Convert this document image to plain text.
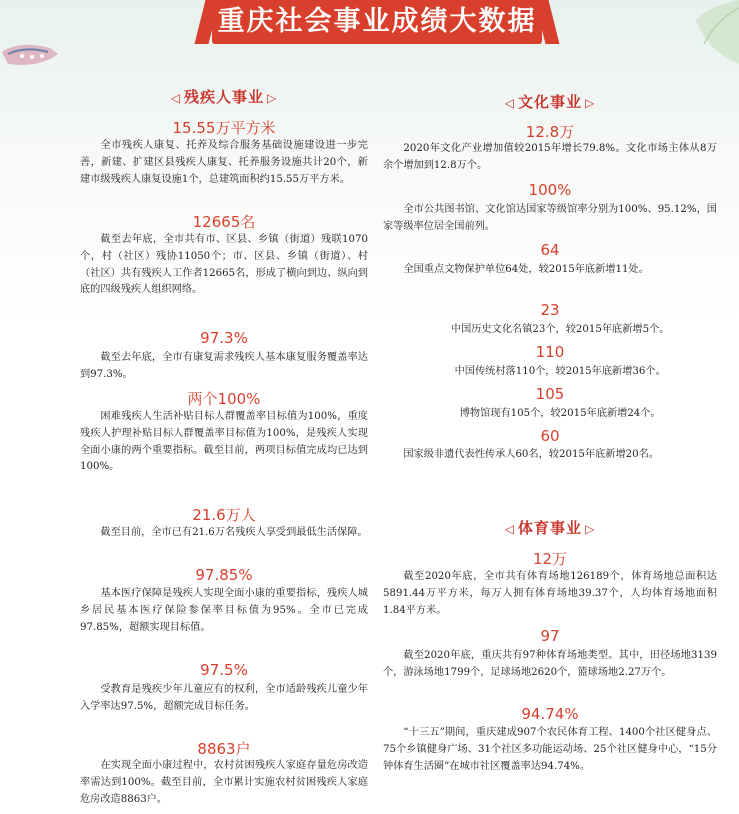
重庆社会事业成绩大数据
◁ 残疾人事业 ▷
15.55万平方米
全市残疾人康复、托养及综合服务基础设施建设进一步完善，新建、扩建区县残疾人康复、托养服务设施共计20个，新建市级残疾人康复设施1个，总建筑面积约15.55万平方米。
12665名
截至去年底，全市共有市、区县、乡镇（街道）残联1070个，村（社区）残协11050个；市、区县、乡镇（街道）、村（社区）共有残疾人工作者12665名，形成了横向到边、纵向到底的四级残疾人组织网络。
97.3%
截至去年底，全市有康复需求残疾人基本康复服务覆盖率达到97.3%。
两个100%
困难残疾人生活补贴目标人群覆盖率目标值为100%，重度残疾人护理补贴目标人群覆盖率目标值为100%，是残疾人实现全面小康的两个重要指标。截至目前，两项目标值完成均已达到100%。
21.6万人
截至目前，全市已有21.6万名残疾人享受到最低生活保障。
97.85%
基本医疗保障是残疾人实现全面小康的重要指标，残疾人城乡居民基本医疗保险参保率目标值为95%。全市已完成97.85%，超额实现目标值。
97.5%
受教育是残疾少年儿童应有的权利，全市适龄残疾儿童少年入学率达97.5%，超额完成目标任务。
8863户
在实现全面小康过程中，农村贫困残疾人家庭存量危房改造率需达到100%。截至目前，全市累计实施农村贫困残疾人家庭危房改造8863户。
◁ 文化事业 ▷
12.8万
2020年文化产业增加值较2015年增长79.8%。文化市场主体从8万余个增加到12.8万个。
100%
全市公共图书馆、文化馆达国家等级馆率分别为100%、95.12%，国家等级率位居全国前列。
64
全国重点文物保护单位64处，较2015年底新增11处。
23
中国历史文化名镇23个，较2015年底新增5个。
110
中国传统村落110个，较2015年底新增36个。
105
博物馆现有105个，较2015年底新增24个。
60
国家级非遗代表性传承人60名，较2015年底新增20名。
◁ 体育事业 ▷
12万
截至2020年底，全市共有体育场地126189个，体育场地总面积达5891.44万平方米，每万人拥有体育场地39.37个，人均体育场地面积1.84平方米。
97
截至2020年底，重庆共有97种体育场地类型。其中，田径场地3139个，游泳场地1799个，足球场地2620个，篮球场地2.27万个。
94.74%
“十三五”期间，重庆建成907个农民体育工程、1400个社区健身点、75个乡镇健身广场、31个社区多功能运动场、25个社区健身中心，“15分钟体育生活圈”在城市社区覆盖率达94.74%。
